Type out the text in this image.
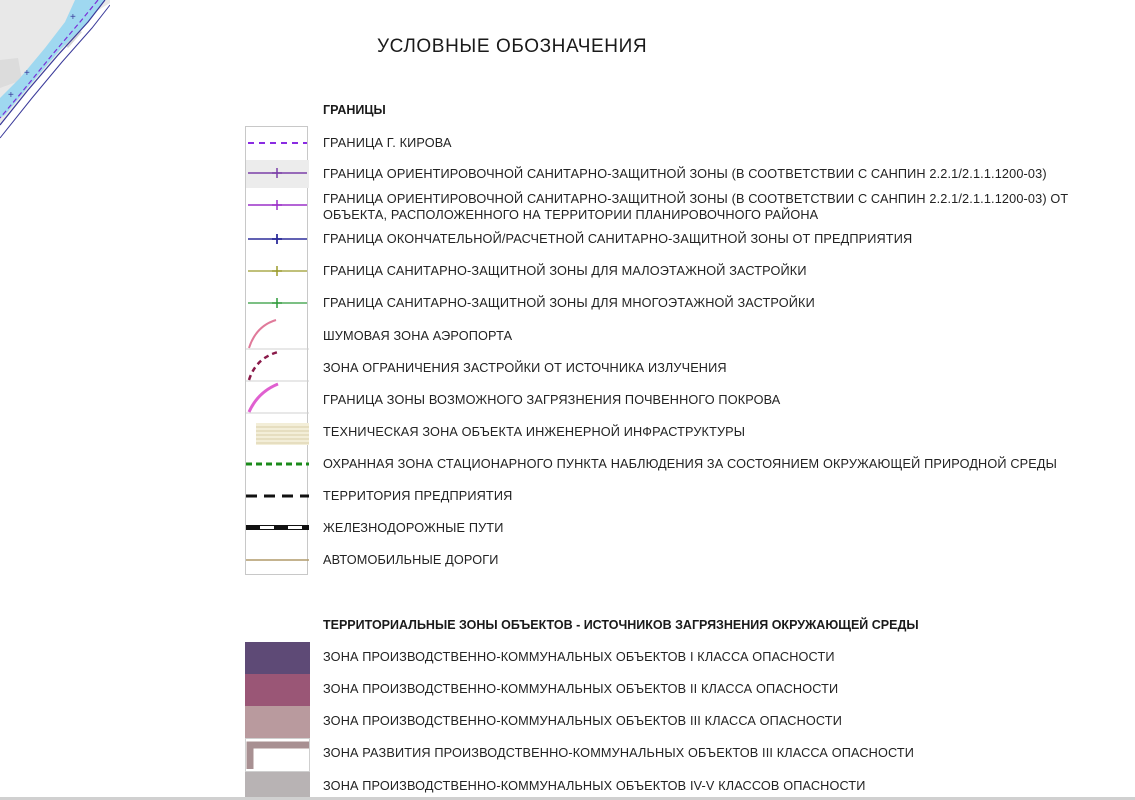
+
+
+
УСЛОВНЫЕ ОБОЗНАЧЕНИЯ
ГРАНИЦЫ
ГРАНИЦА Г. КИРОВА
ГРАНИЦА ОРИЕНТИРОВОЧНОЙ САНИТАРНО-ЗАЩИТНОЙ ЗОНЫ (В СООТВЕТСТВИИ С САНПИН 2.2.1/2.1.1.1200-03)
ГРАНИЦА ОРИЕНТИРОВОЧНОЙ САНИТАРНО-ЗАЩИТНОЙ ЗОНЫ (В СООТВЕТСТВИИ С САНПИН 2.2.1/2.1.1.1200-03) ОТ
ОБЪЕКТА, РАСПОЛОЖЕННОГО НА ТЕРРИТОРИИ ПЛАНИРОВОЧНОГО РАЙОНА
ГРАНИЦА ОКОНЧАТЕЛЬНОЙ/РАСЧЕТНОЙ САНИТАРНО-ЗАЩИТНОЙ ЗОНЫ ОТ ПРЕДПРИЯТИЯ
ГРАНИЦА САНИТАРНО-ЗАЩИТНОЙ ЗОНЫ ДЛЯ МАЛОЭТАЖНОЙ ЗАСТРОЙКИ
ГРАНИЦА САНИТАРНО-ЗАЩИТНОЙ ЗОНЫ ДЛЯ МНОГОЭТАЖНОЙ ЗАСТРОЙКИ
ШУМОВАЯ ЗОНА АЭРОПОРТА
ЗОНА ОГРАНИЧЕНИЯ ЗАСТРОЙКИ ОТ ИСТОЧНИКА ИЗЛУЧЕНИЯ
ГРАНИЦА ЗОНЫ ВОЗМОЖНОГО ЗАГРЯЗНЕНИЯ ПОЧВЕННОГО ПОКРОВА
ТЕХНИЧЕСКАЯ ЗОНА ОБЪЕКТА ИНЖЕНЕРНОЙ ИНФРАСТРУКТУРЫ
ОХРАННАЯ ЗОНА СТАЦИОНАРНОГО ПУНКТА НАБЛЮДЕНИЯ ЗА СОСТОЯНИЕМ ОКРУЖАЮЩЕЙ ПРИРОДНОЙ СРЕДЫ
ТЕРРИТОРИЯ ПРЕДПРИЯТИЯ
ЖЕЛЕЗНОДОРОЖНЫЕ ПУТИ
АВТОМОБИЛЬНЫЕ ДОРОГИ
ТЕРРИТОРИАЛЬНЫЕ ЗОНЫ ОБЪЕКТОВ - ИСТОЧНИКОВ ЗАГРЯЗНЕНИЯ ОКРУЖАЮЩЕЙ СРЕДЫ
ЗОНА ПРОИЗВОДСТВЕННО-КОММУНАЛЬНЫХ ОБЪЕКТОВ I КЛАССА ОПАСНОСТИ
ЗОНА ПРОИЗВОДСТВЕННО-КОММУНАЛЬНЫХ ОБЪЕКТОВ II КЛАССА ОПАСНОСТИ
ЗОНА ПРОИЗВОДСТВЕННО-КОММУНАЛЬНЫХ ОБЪЕКТОВ III КЛАССА ОПАСНОСТИ
ЗОНА РАЗВИТИЯ ПРОИЗВОДСТВЕННО-КОММУНАЛЬНЫХ ОБЪЕКТОВ III КЛАССА ОПАСНОСТИ
ЗОНА ПРОИЗВОДСТВЕННО-КОММУНАЛЬНЫХ ОБЪЕКТОВ IV-V КЛАССОВ ОПАСНОСТИ
